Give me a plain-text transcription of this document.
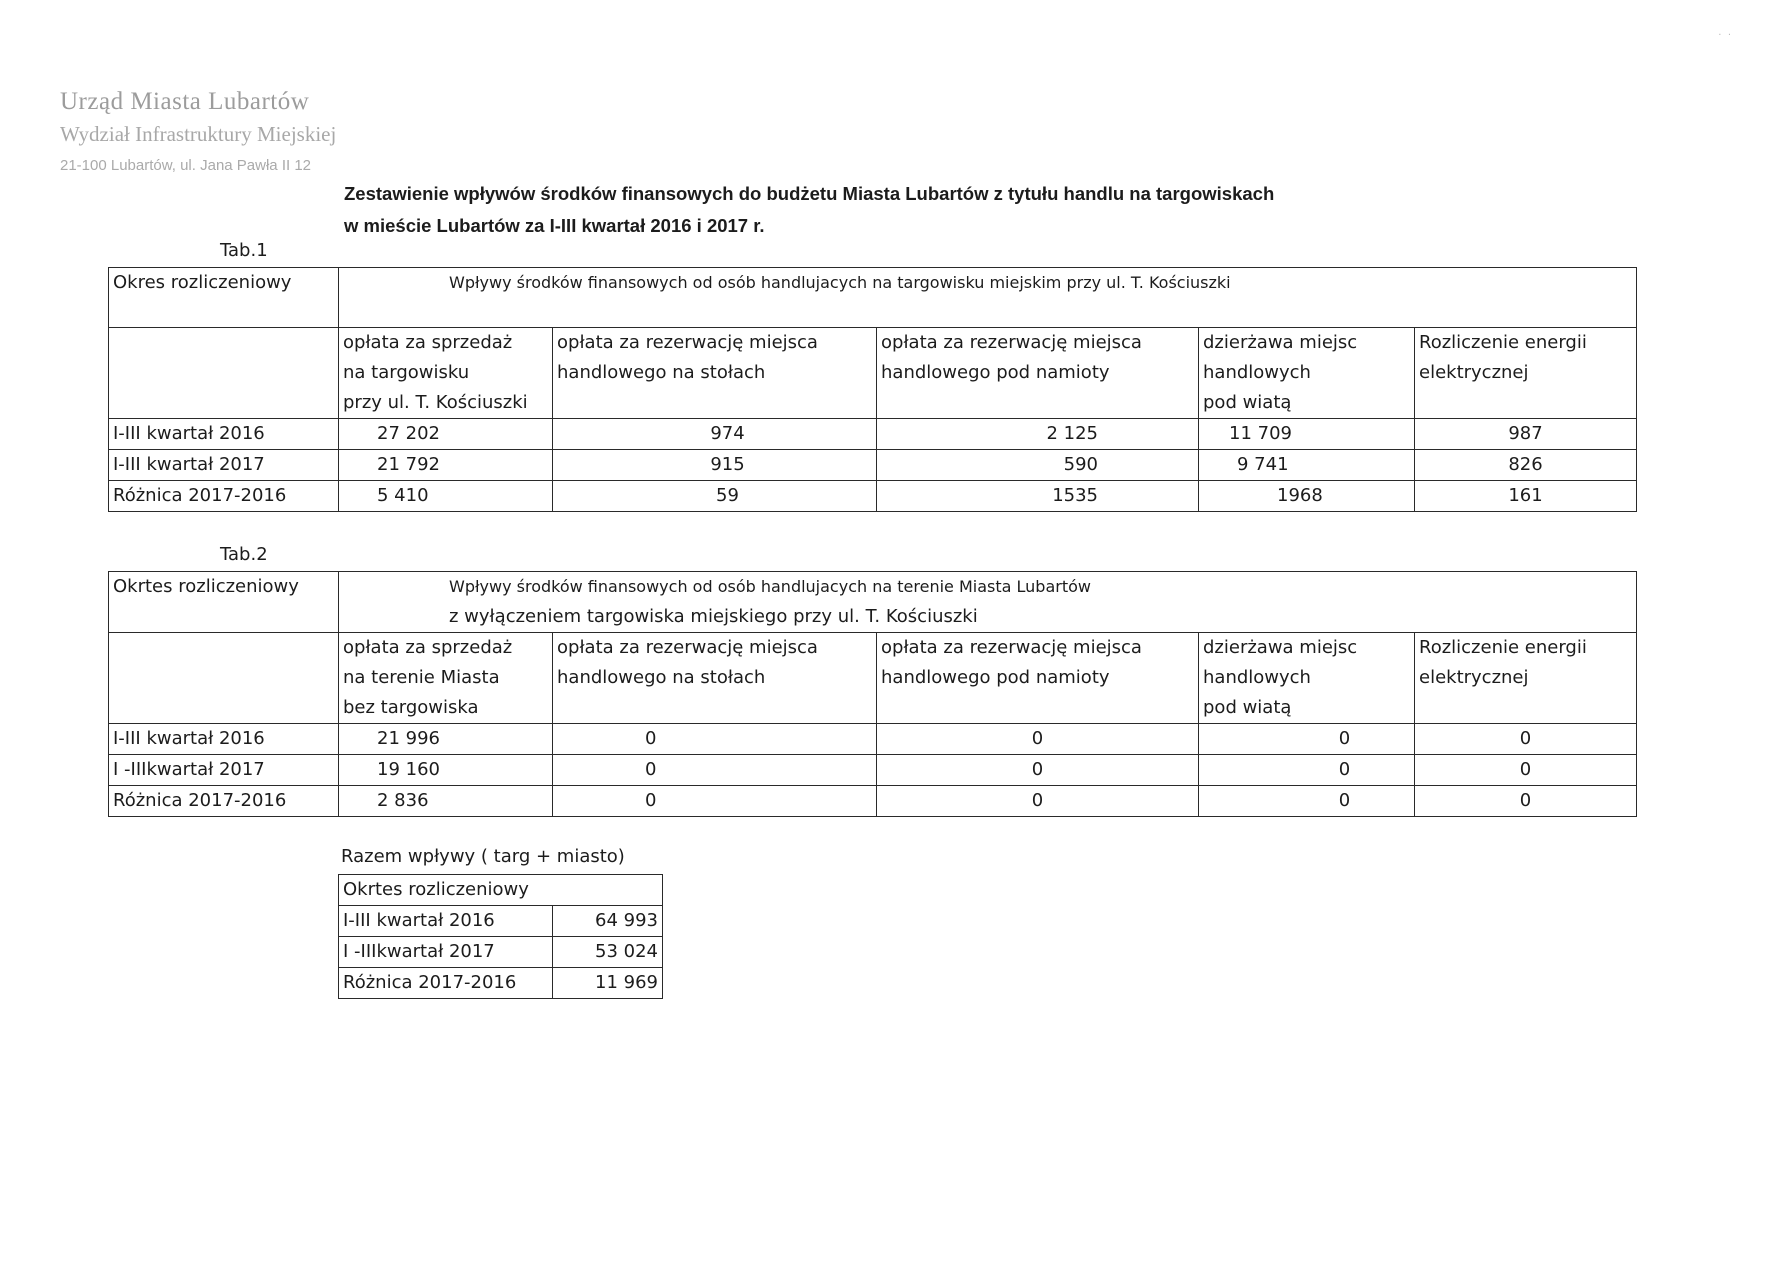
Urząd Miasta Lubartów
Wydział Infrastruktury Miejskiej
21-100 Lubartów, ul. Jana Pawła II 12
·  ·
Zestawienie wpływów środków finansowych do budżetu Miasta Lubartów z tytułu handlu na targowiskach
w mieście Lubartów za I-III kwartał 2016 i 2017 r.
Tab.1
Okres rozliczeniowy	Wpływy środków finansowych od osób handlujacych na targowisku miejskim przy ul. T. Kościuszki				

	opłata za sprzedaż
na targowisku
przy ul. T. Kościuszki	opłata za rezerwację miejsca
handlowego na stołach	opłata za rezerwację miejsca
handlowego pod namioty	dzierżawa miejsc
handlowych
pod wiatą	Rozliczenie energii
elektrycznej

I-III kwartał 2016	27 202	974	2 125	11 709	987
I-III kwartał 2017	21 792	915	590	9 741	826
Różnica 2017-2016	5 410	59	1535	1968	161
Tab.2
Okrtes rozliczeniowy	Wpływy środków finansowych od osób handlujacych na terenie Miasta Lubartów
z wyłączeniem targowiska miejskiego przy ul. T. Kościuszki				

	opłata za sprzedaż
na terenie Miasta
bez targowiska	opłata za rezerwację miejsca
handlowego na stołach	opłata za rezerwację miejsca
handlowego pod namioty	dzierżawa miejsc
handlowych
pod wiatą	Rozliczenie energii
elektrycznej

I-III kwartał 2016	21 996	0	0	0	0
I -IIIkwartał 2017	19 160	0	0	0	0
Różnica 2017-2016	2 836	0	0	0	0
Razem wpływy ( targ + miasto)
Okrtes rozliczeniowy	
I-III kwartał 2016	64 993
I -IIIkwartał 2017	53 024
Różnica 2017-2016	11 969
